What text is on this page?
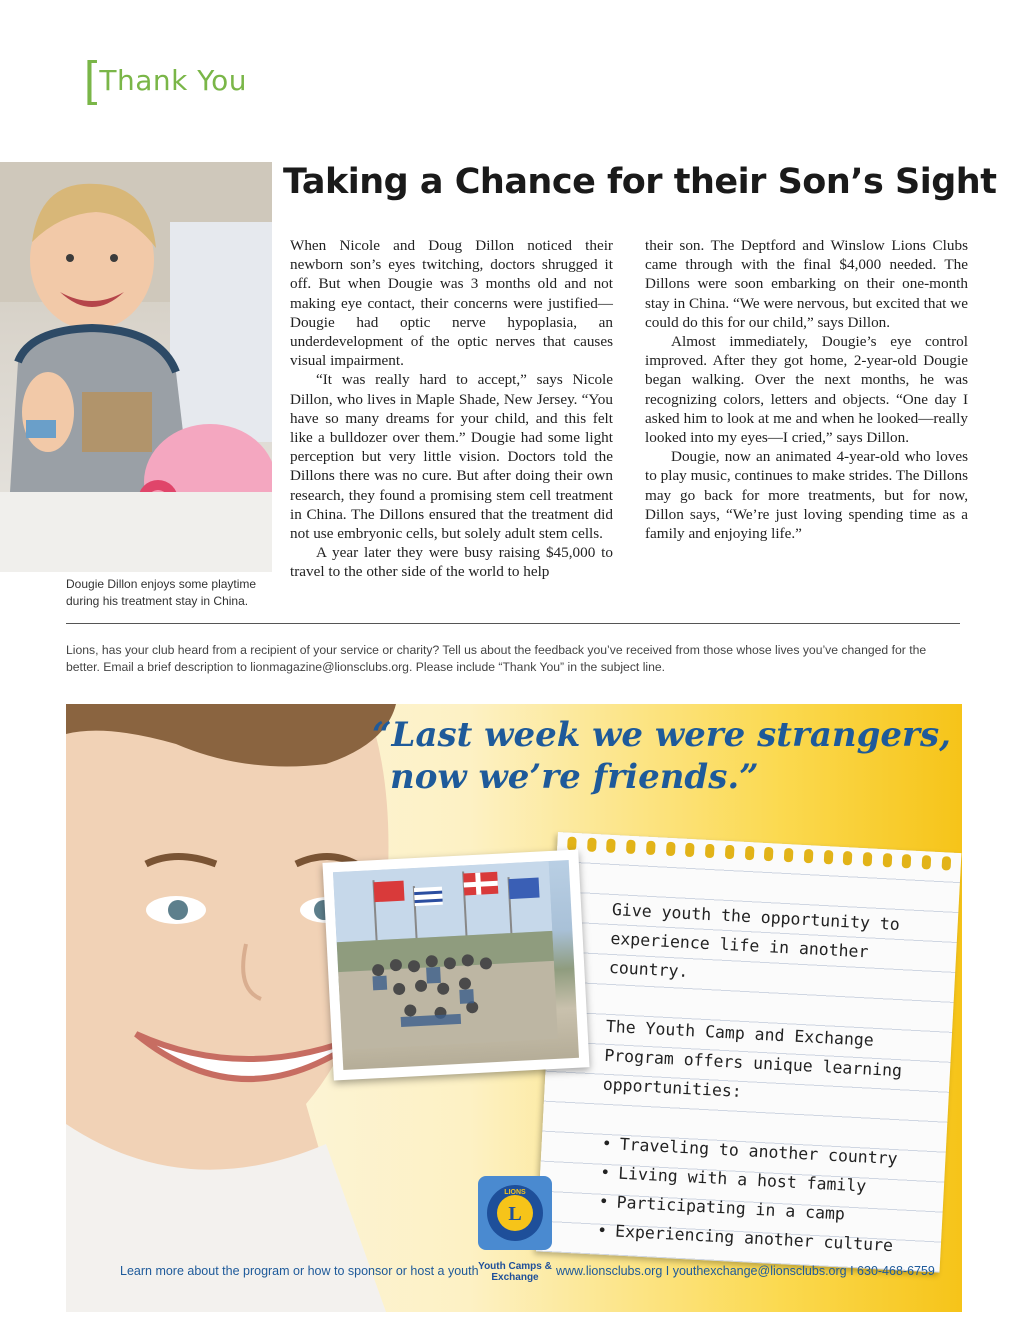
[ Thank You
Dougie Dillon enjoys some playtime during his treatment stay in China.
Taking a Chance for their Son’s Sight

When Nicole and Doug Dillon noticed their newborn son’s eyes twitching, doctors shrugged it off. But when Dougie was 3 months old and not making eye contact, their concerns were justified—Dougie had optic nerve hypoplasia, an underdevelopment of the optic nerves that causes visual impairment.

“It was really hard to accept,” says Nicole Dillon, who lives in Maple Shade, New Jersey. “You have so many dreams for your child, and this felt like a bulldozer over them.” Dougie had some light perception but very little vision. Doctors told the Dillons there was no cure. But after doing their own research, they found a promising stem cell treatment in China. The Dillons ensured that the treatment did not use embryonic cells, but solely adult stem cells.

A year later they were busy raising $45,000 to travel to the other side of the world to help

their son. The Deptford and Winslow Lions Clubs came through with the final $4,000 needed. The Dillons were soon embarking on their one-month stay in China. “We were nervous, but excited that we could do this for our child,” says Dillon.

Almost immediately, Dougie’s eye control improved. After they got home, 2-year-old Dougie began walking. Over the next months, he was recognizing colors, letters and objects. “One day I asked him to look at me and when he looked—really looked into my eyes—I cried,” says Dillon.

Dougie, now an animated 4-year-old who loves to play music, continues to make strides. The Dillons may go back for more treatments, but for now, Dillon says, “We’re just loving spending time as a family and enjoying life.”

Lions, has your club heard from a recipient of your service or charity? Tell us about the feedback you’ve received from those whose lives you’ve changed for the better. Email a brief description to lionmagazine@lionsclubs.org. Please include “Thank You” in the subject line.
“Last week we were strangers,
now we’re friends.”

Give youth the opportunity to experience life in another country.

The Youth Camp and Exchange Program offers unique learning opportunities:

• Traveling to another country
• Living with a host family
• Participating in a camp
• Experiencing another culture
L
LIONS
Youth Camps & Exchange
Learn more about the program or how to sponsor or host a youth	www.lionsclubs.org I youthexchange@lionsclubs.org I 630-468-6759
